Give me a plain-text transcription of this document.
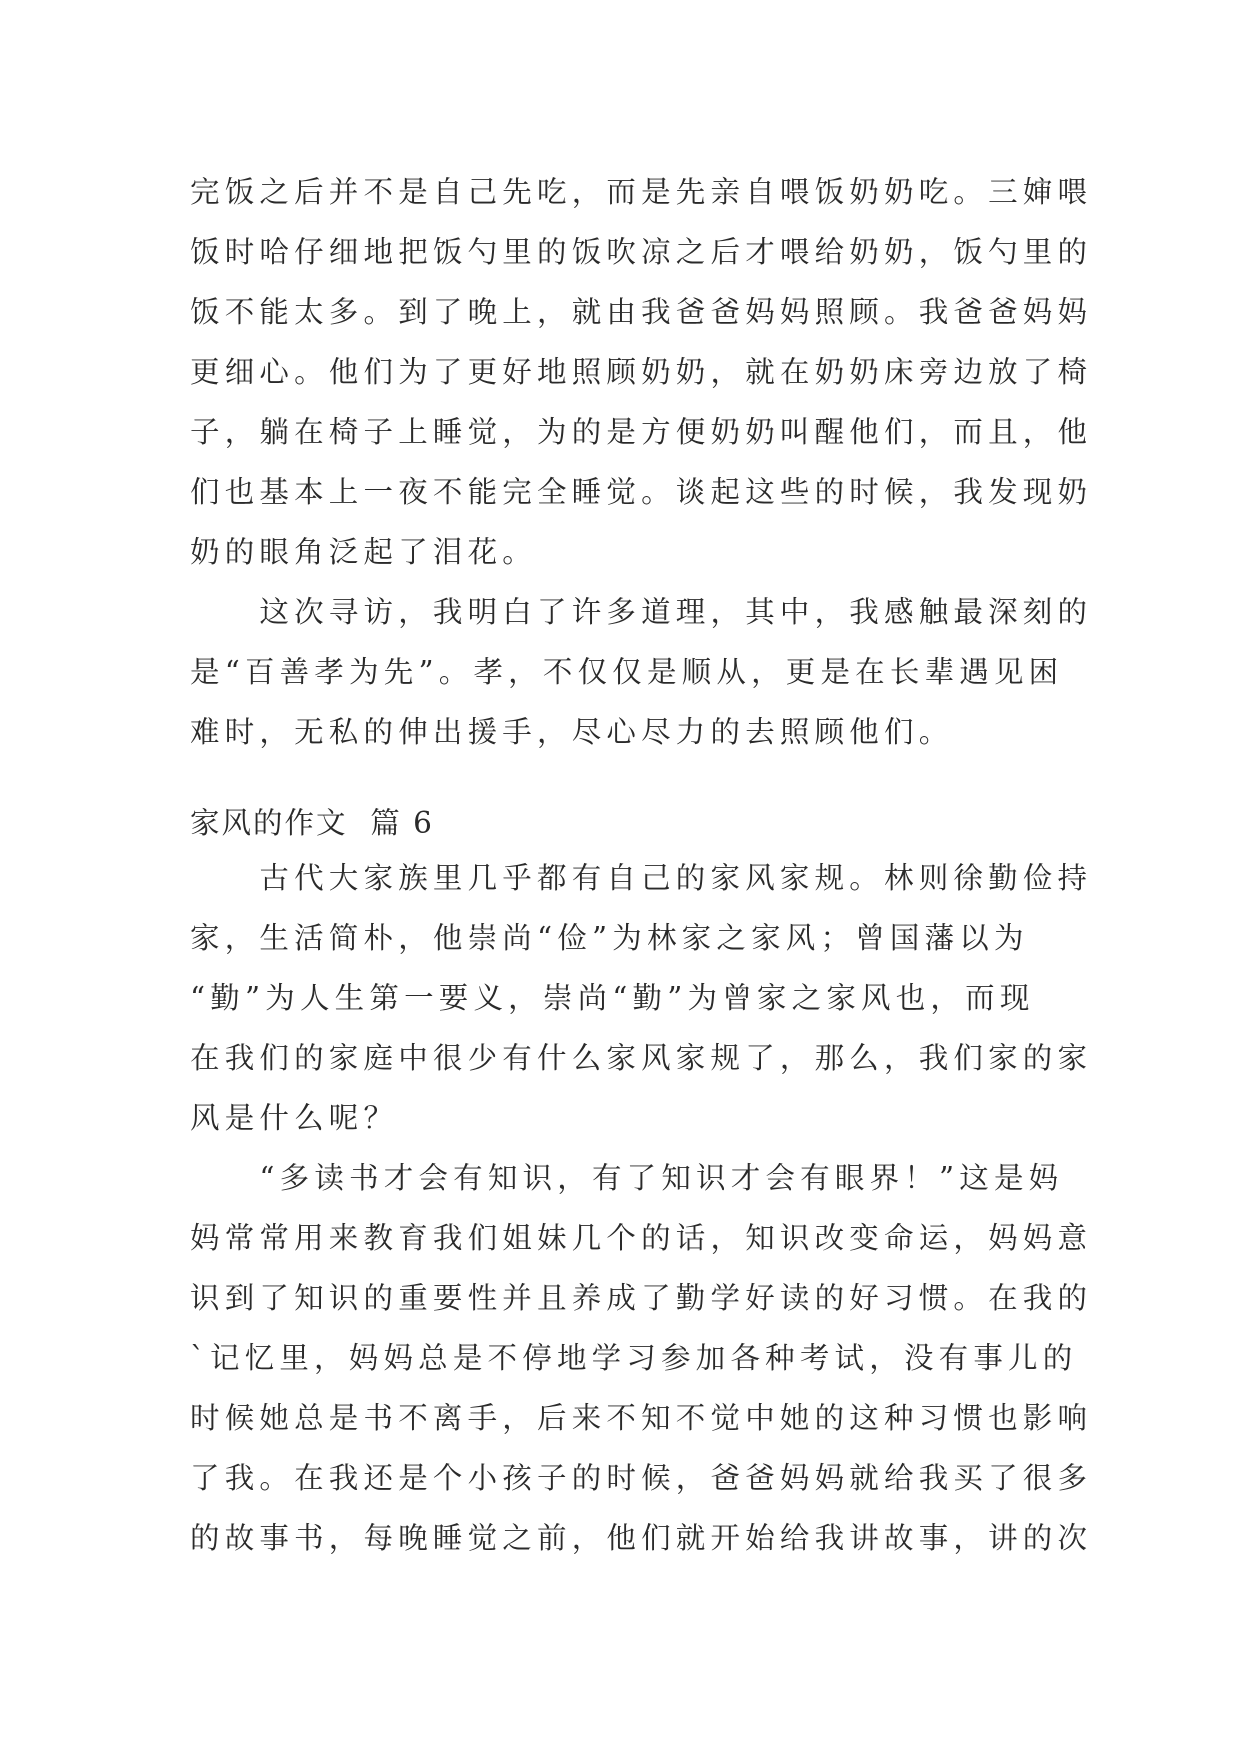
完饭之后并不是自己先吃，而是先亲自喂饭奶奶吃。三婶喂
饭时哈仔细地把饭勺里的饭吹凉之后才喂给奶奶，饭勺里的
饭不能太多。到了晚上，就由我爸爸妈妈照顾。我爸爸妈妈
更细心。他们为了更好地照顾奶奶，就在奶奶床旁边放了椅
子，躺在椅子上睡觉，为的是方便奶奶叫醒他们，而且，他
们也基本上一夜不能完全睡觉。谈起这些的时候，我发现奶
奶的眼角泛起了泪花。
　　这次寻访，我明白了许多道理，其中，我感触最深刻的
是“百善孝为先”。孝，不仅仅是顺从，更是在长辈遇见困
难时，无私的伸出援手，尽心尽力的去照顾他们。
家风的作文  篇 6
　　古代大家族里几乎都有自己的家风家规。林则徐勤俭持
家，生活简朴，他崇尚“俭”为林家之家风；曾国藩以为
“勤”为人生第一要义，崇尚“勤”为曾家之家风也，而现
在我们的家庭中很少有什么家风家规了，那么，我们家的家
风是什么呢？
　　“多读书才会有知识，有了知识才会有眼界！”这是妈
妈常常用来教育我们姐妹几个的话，知识改变命运，妈妈意
识到了知识的重要性并且养成了勤学好读的好习惯。在我的
`记忆里，妈妈总是不停地学习参加各种考试，没有事儿的
时候她总是书不离手，后来不知不觉中她的这种习惯也影响
了我。在我还是个小孩子的时候，爸爸妈妈就给我买了很多
的故事书，每晚睡觉之前，他们就开始给我讲故事，讲的次
